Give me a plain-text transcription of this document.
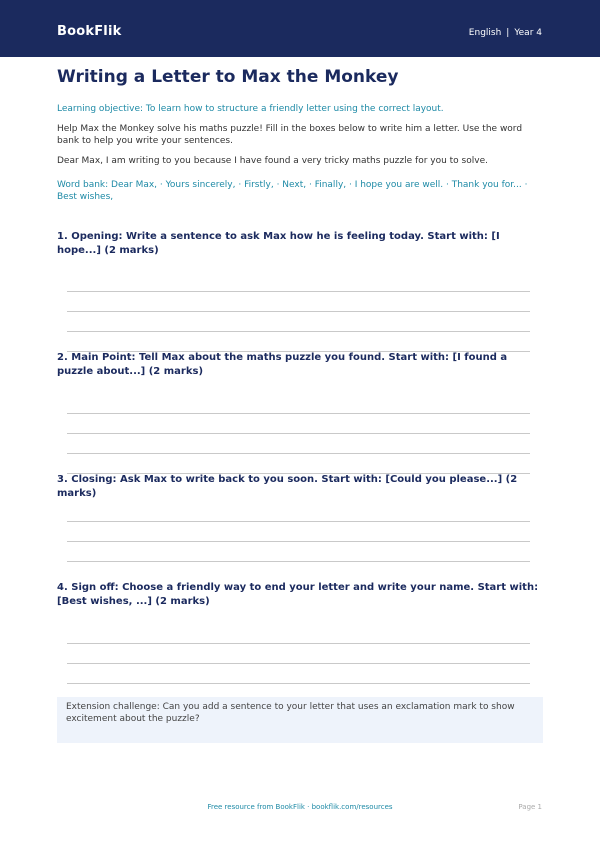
BookFlik	English | Year 4
Writing a Letter to Max the Monkey

Learning objective: To learn how to structure a friendly letter using the correct layout.

Help Max the Monkey solve his maths puzzle! Fill in the boxes below to write him a letter. Use the word bank to help you write your sentences.

Dear Max, I am writing to you because I have found a very tricky maths puzzle for you to solve.

Word bank: Dear Max, · Yours sincerely, · Firstly, · Next, · Finally, · I hope you are well. · Thank you for... · Best wishes,

1. Opening: Write a sentence to ask Max how he is feeling today. Start with: [I hope...] (2 marks)
2. Main Point: Tell Max about the maths puzzle you found. Start with: [I found a puzzle about...] (2 marks)
3. Closing: Ask Max to write back to you soon. Start with: [Could you please...] (2 marks)
4. Sign off: Choose a friendly way to end your letter and write your name. Start with: [Best wishes, ...] (2 marks)
Extension challenge: Can you add a sentence to your letter that uses an exclamation mark to show excitement about the puzzle?
Free resource from BookFlik · bookflik.com/resources	Page 1
